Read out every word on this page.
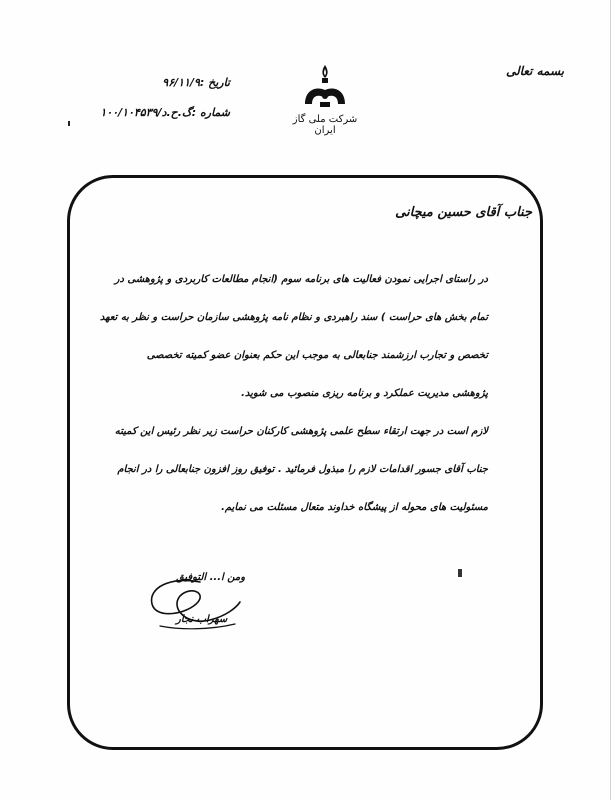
تاریخ :۹۶/۱۱/۹
شماره :گ.ح.د/۱۰۰/۱۰۴۵۳۹
شرکت ملی گاز ایران
بسمه تعالی
جناب آقای حسین میچانی
در راستای اجرایی نمودن فعالیت های برنامه سوم (انجام مطالعات کاربردی و پژوهشی در
تمام بخش های حراست ) سند راهبردی و نظام نامه پژوهشی سازمان حراست و نظر به تعهد
تخصص و تجارب ارزشمند جنابعالی به موجب این حکم بعنوان عضو کمیته تخصصی
پژوهشی مدیریت عملکرد و برنامه ریزی منصوب می شوید.
لازم است در جهت ارتقاء سطح علمی پژوهشی کارکنان حراست زیر نظر رئیس این کمیته
جناب آقای جسور اقدامات لازم را مبذول فرمائید . توفیق روز افزون جنابعالی را در انجام
مسئولیت های محوله از پیشگاه خداوند متعال مسئلت می نمایم.
ومن ا... التوفیق
سهراب نجار
